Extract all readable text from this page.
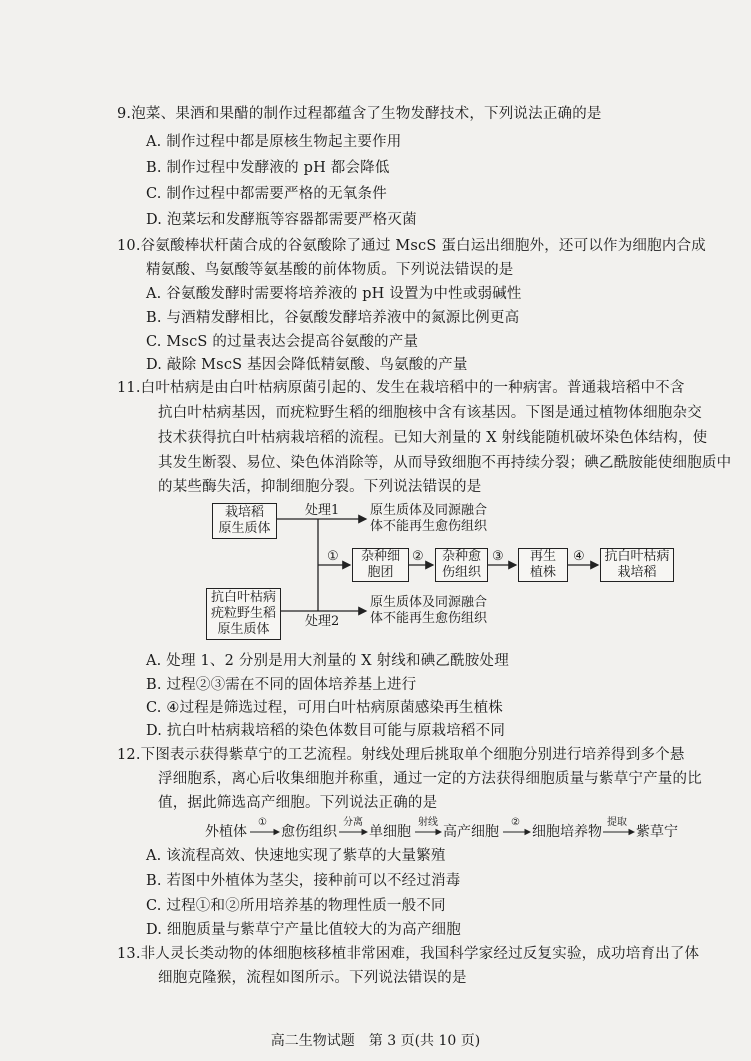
9.泡菜、果酒和果醋的制作过程都蕴含了生物发酵技术，下列说法正确的是
A. 制作过程中都是原核生物起主要作用
B. 制作过程中发酵液的 pH 都会降低
C. 制作过程中都需要严格的无氧条件
D. 泡菜坛和发酵瓶等容器都需要严格灭菌
10.谷氨酸棒状杆菌合成的谷氨酸除了通过 MscS 蛋白运出细胞外，还可以作为细胞内合成
精氨酸、鸟氨酸等氨基酸的前体物质。下列说法错误的是
A. 谷氨酸发酵时需要将培养液的 pH 设置为中性或弱碱性
B. 与酒精发酵相比，谷氨酸发酵培养液中的氮源比例更高
C. MscS 的过量表达会提高谷氨酸的产量
D. 敲除 MscS 基因会降低精氨酸、鸟氨酸的产量
11.白叶枯病是由白叶枯病原菌引起的、发生在栽培稻中的一种病害。普通栽培稻中不含
抗白叶枯病基因，而疣粒野生稻的细胞核中含有该基因。下图是通过植物体细胞杂交
技术获得抗白叶枯病栽培稻的流程。已知大剂量的 X 射线能随机破坏染色体结构，使
其发生断裂、易位、染色体消除等，从而导致细胞不再持续分裂；碘乙酰胺能使细胞质中
的某些酶失活，抑制细胞分裂。下列说法错误的是
栽培稻
原生质体
抗白叶枯病
疣粒野生稻
原生质体
处理1
处理2
原生质体及同源融合
体不能再生愈伤组织
原生质体及同源融合
体不能再生愈伤组织
①	②	③	④
杂种细
胞团
杂种愈
伤组织
再生
植株
抗白叶枯病
栽培稻
A. 处理 1、2 分别是用大剂量的 X 射线和碘乙酰胺处理
B. 过程②③需在不同的固体培养基上进行
C. ④过程是筛选过程，可用白叶枯病原菌感染再生植株
D. 抗白叶枯病栽培稻的染色体数目可能与原栽培稻不同
12.下图表示获得紫草宁的工艺流程。射线处理后挑取单个细胞分别进行培养得到多个悬
浮细胞系，离心后收集细胞并称重，通过一定的方法获得细胞质量与紫草宁产量的比
值，据此筛选高产细胞。下列说法正确的是
外植体
①
愈伤组织
分离
单细胞
射线
高产细胞
②
细胞培养物
提取
紫草宁
A. 该流程高效、快速地实现了紫草的大量繁殖
B. 若图中外植体为茎尖，接种前可以不经过消毒
C. 过程①和②所用培养基的物理性质一般不同
D. 细胞质量与紫草宁产量比值较大的为高产细胞
13.非人灵长类动物的体细胞核移植非常困难，我国科学家经过反复实验，成功培育出了体
细胞克隆猴，流程如图所示。下列说法错误的是
高二生物试题　第 3 页(共 10 页)
